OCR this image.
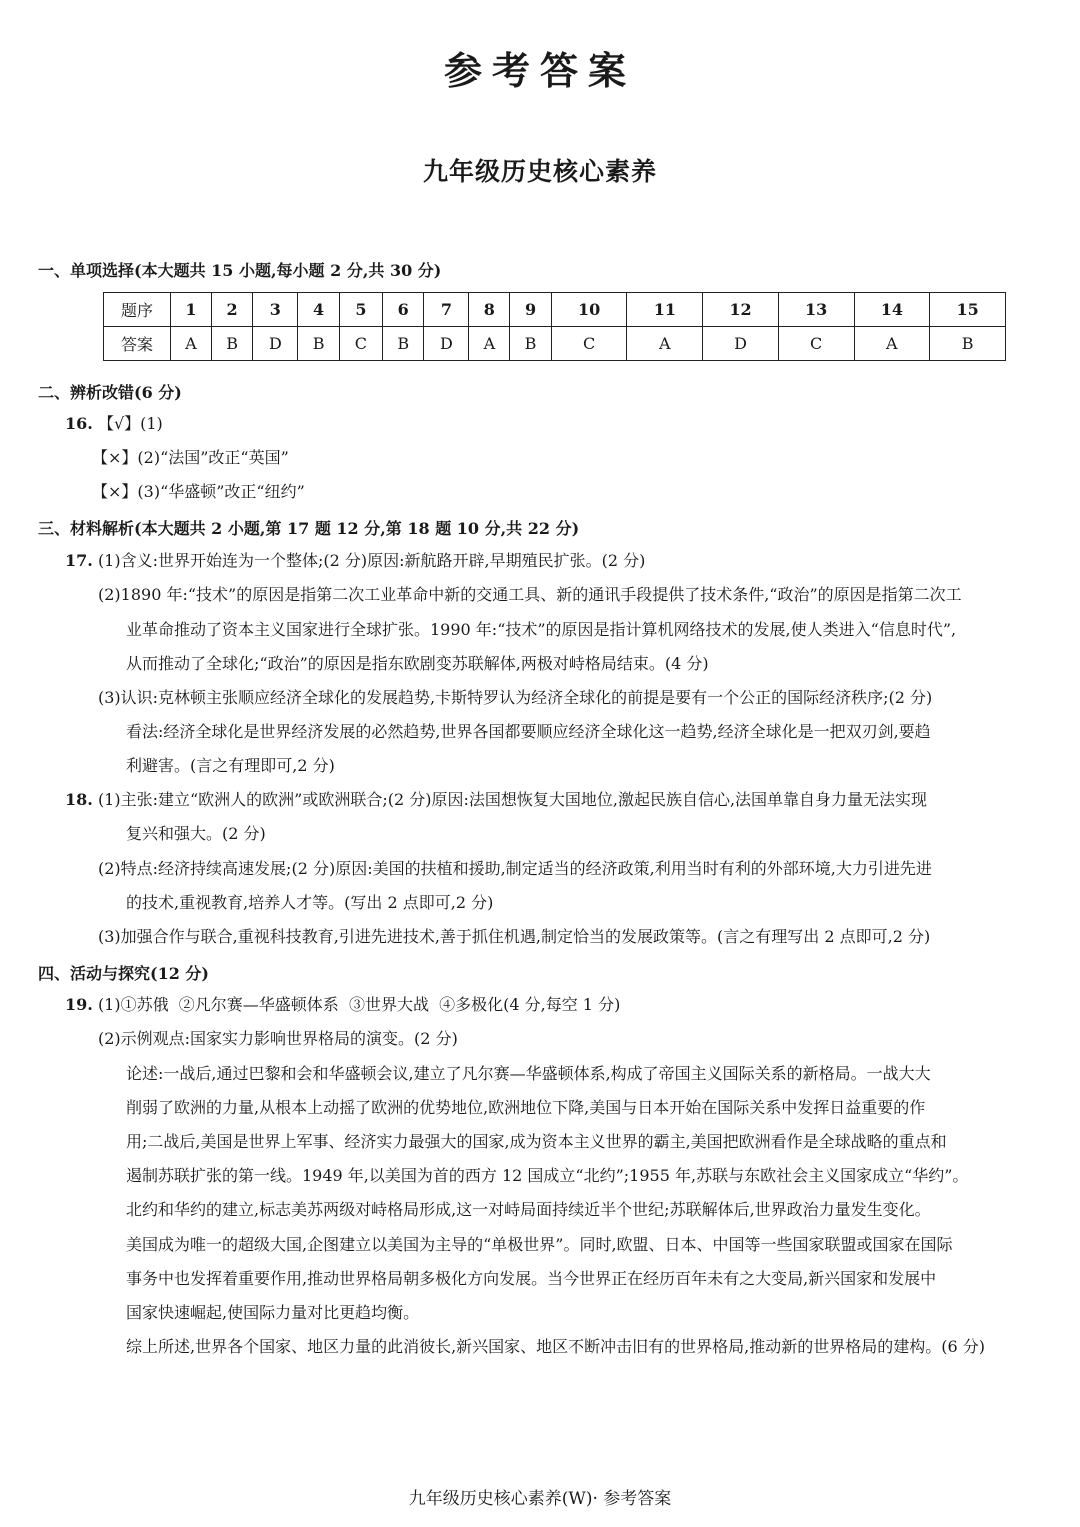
参考答案
九年级历史核心素养
一、单项选择(本大题共 15 小题,每小题 2 分,共 30 分)
题序	1	2	3	4	5	6	7	8	9	10	11	12	13	14	15
答案	A	B	D	B	C	B	D	A	B	C	A	D	C	A	B
二、辨析改错(6 分)
16. 【√】(1)
【×】(2)“法国”改正“英国”
【×】(3)“华盛顿”改正“纽约”
三、材料解析(本大题共 2 小题,第 17 题 12 分,第 18 题 10 分,共 22 分)
17. (1)含义:世界开始连为一个整体;(2 分)原因:新航路开辟,早期殖民扩张。(2 分)
(2)1890 年:“技术”的原因是指第二次工业革命中新的交通工具、新的通讯手段提供了技术条件,“政治”的原因是指第二次工
业革命推动了资本主义国家进行全球扩张。1990 年:“技术”的原因是指计算机网络技术的发展,使人类进入“信息时代”,
从而推动了全球化;“政治”的原因是指东欧剧变苏联解体,两极对峙格局结束。(4 分)
(3)认识:克林顿主张顺应经济全球化的发展趋势,卡斯特罗认为经济全球化的前提是要有一个公正的国际经济秩序;(2 分)
看法:经济全球化是世界经济发展的必然趋势,世界各国都要顺应经济全球化这一趋势,经济全球化是一把双刃剑,要趋
利避害。(言之有理即可,2 分)
18. (1)主张:建立“欧洲人的欧洲”或欧洲联合;(2 分)原因:法国想恢复大国地位,激起民族自信心,法国单靠自身力量无法实现
复兴和强大。(2 分)
(2)特点:经济持续高速发展;(2 分)原因:美国的扶植和援助,制定适当的经济政策,利用当时有利的外部环境,大力引进先进
的技术,重视教育,培养人才等。(写出 2 点即可,2 分)
(3)加强合作与联合,重视科技教育,引进先进技术,善于抓住机遇,制定恰当的发展政策等。(言之有理写出 2 点即可,2 分)
四、活动与探究(12 分)
19. (1)①苏俄  ②凡尔赛—华盛顿体系  ③世界大战  ④多极化(4 分,每空 1 分)
(2)示例观点:国家实力影响世界格局的演变。(2 分)
论述:一战后,通过巴黎和会和华盛顿会议,建立了凡尔赛—华盛顿体系,构成了帝国主义国际关系的新格局。一战大大
削弱了欧洲的力量,从根本上动摇了欧洲的优势地位,欧洲地位下降,美国与日本开始在国际关系中发挥日益重要的作
用;二战后,美国是世界上军事、经济实力最强大的国家,成为资本主义世界的霸主,美国把欧洲看作是全球战略的重点和
遏制苏联扩张的第一线。1949 年,以美国为首的西方 12 国成立“北约”;1955 年,苏联与东欧社会主义国家成立“华约”。
北约和华约的建立,标志美苏两级对峙格局形成,这一对峙局面持续近半个世纪;苏联解体后,世界政治力量发生变化。
美国成为唯一的超级大国,企图建立以美国为主导的“单极世界”。同时,欧盟、日本、中国等一些国家联盟或国家在国际
事务中也发挥着重要作用,推动世界格局朝多极化方向发展。当今世界正在经历百年未有之大变局,新兴国家和发展中
国家快速崛起,使国际力量对比更趋均衡。
综上所述,世界各个国家、地区力量的此消彼长,新兴国家、地区不断冲击旧有的世界格局,推动新的世界格局的建构。(6 分)
九年级历史核心素养(W)· 参考答案
